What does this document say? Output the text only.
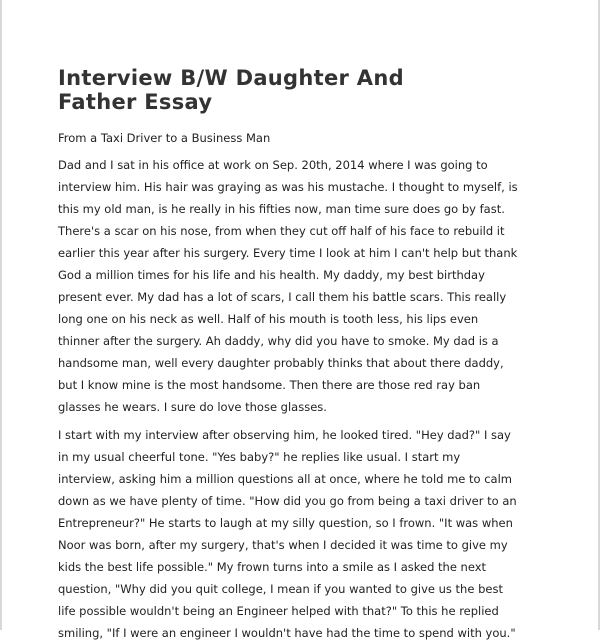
Interview B/W Daughter And
Father Essay

From a Taxi Driver to a Business Man

Dad and I sat in his office at work on Sep. 20th, 2014 where I was going to
interview him. His hair was graying as was his mustache. I thought to myself, is
this my old man, is he really in his fifties now, man time sure does go by fast.
There's a scar on his nose, from when they cut off half of his face to rebuild it
earlier this year after his surgery. Every time I look at him I can't help but thank
God a million times for his life and his health. My daddy, my best birthday
present ever. My dad has a lot of scars, I call them his battle scars. This really
long one on his neck as well. Half of his mouth is tooth less, his lips even
thinner after the surgery. Ah daddy, why did you have to smoke. My dad is a
handsome man, well every daughter probably thinks that about there daddy,
but I know mine is the most handsome. Then there are those red ray ban
glasses he wears. I sure do love those glasses.

I start with my interview after observing him, he looked tired. "Hey dad?" I say
in my usual cheerful tone. "Yes baby?" he replies like usual. I start my
interview, asking him a million questions all at once, where he told me to calm
down as we have plenty of time. "How did you go from being a taxi driver to an
Entrepreneur?" He starts to laugh at my silly question, so I frown. "It was when
Noor was born, after my surgery, that's when I decided it was time to give my
kids the best life possible." My frown turns into a smile as I asked the next
question, "Why did you quit college, I mean if you wanted to give us the best
life possible wouldn't being an Engineer helped with that?" To this he replied
smiling, "If I were an engineer I wouldn't have had the time to spend with you."
